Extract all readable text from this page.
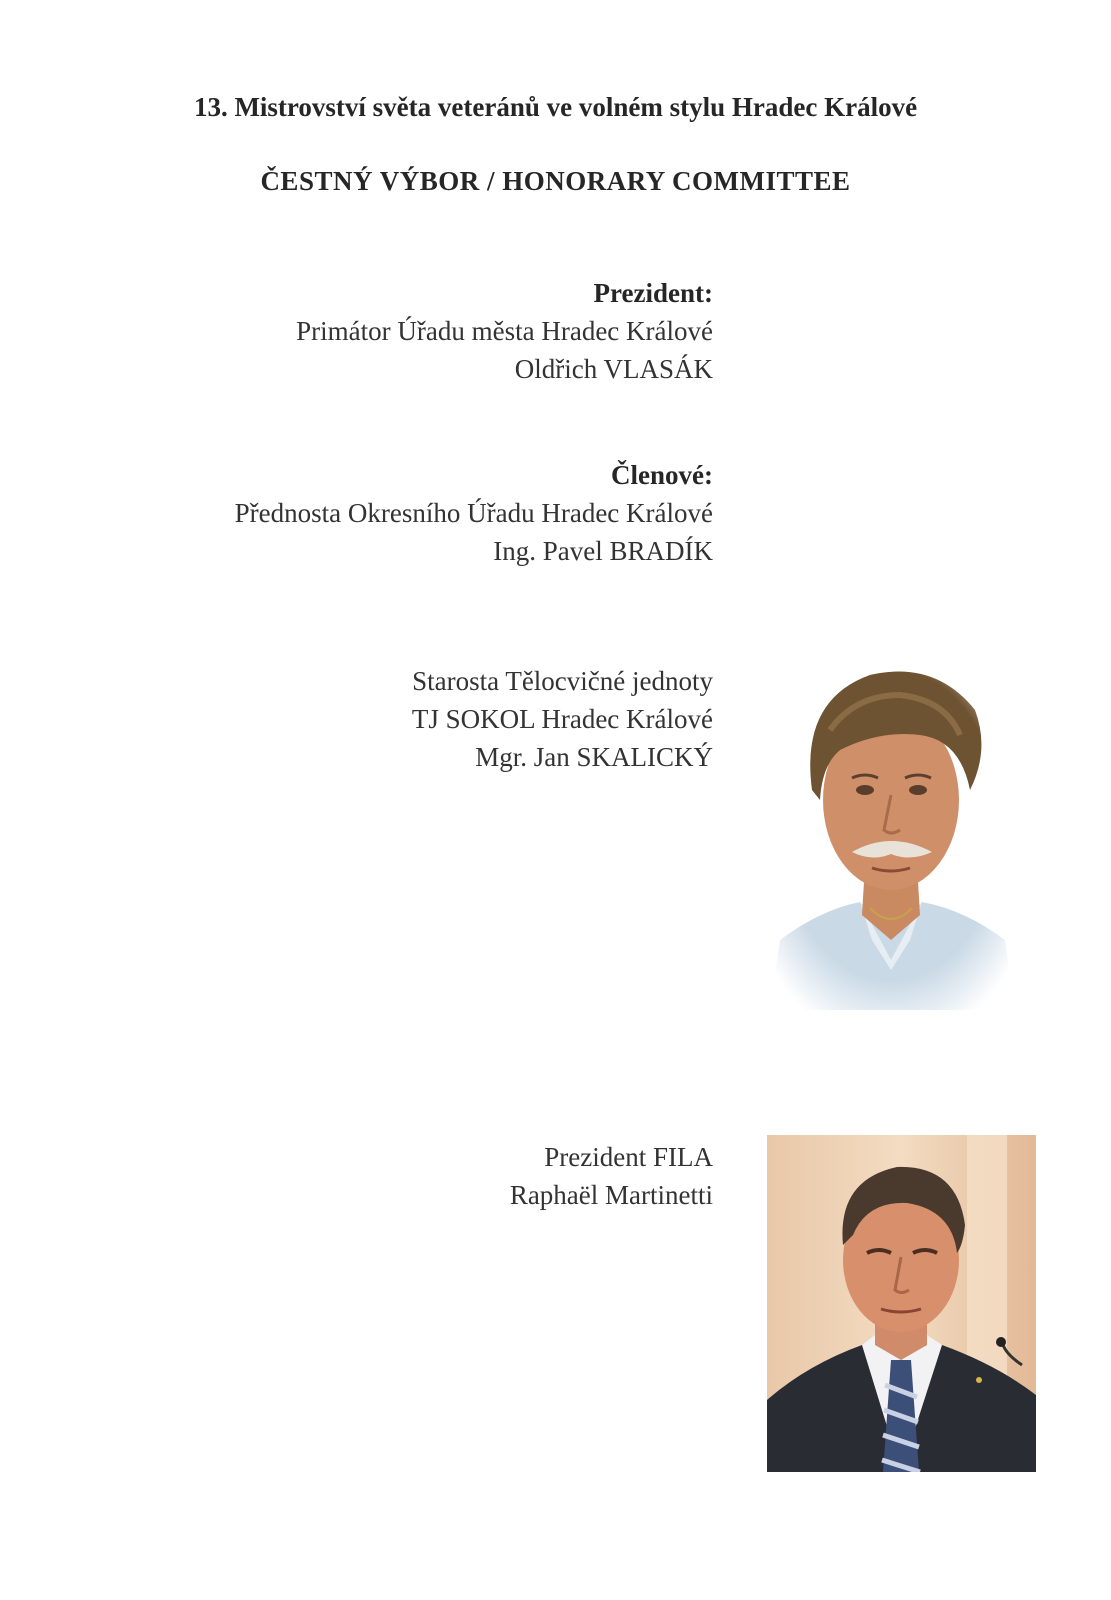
13. Mistrovství světa veteránů ve volném stylu Hradec Králové
ČESTNÝ VÝBOR / HONORARY COMMITTEE
Prezident:
Primátor Úřadu města Hradec Králové
Oldřich VLASÁK
Členové:
Přednosta Okresního Úřadu Hradec Králové
Ing. Pavel BRADÍK
Starosta Tělocvičné jednoty
TJ SOKOL Hradec Králové
Mgr. Jan SKALICKÝ
Prezident FILA
Raphaël Martinetti
